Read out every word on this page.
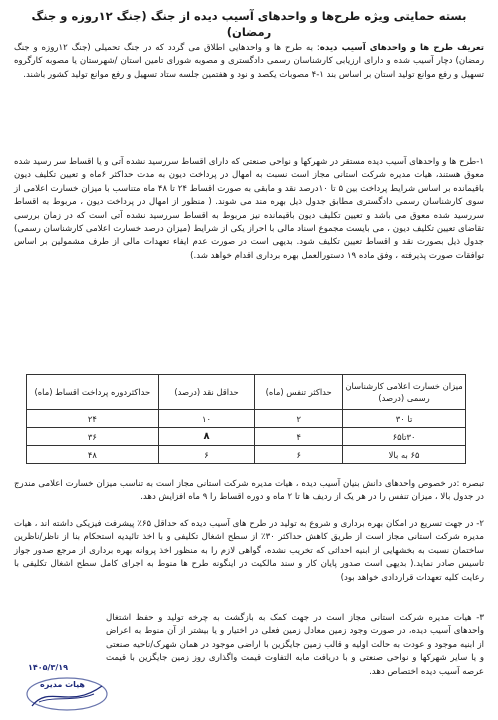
بسته حمایتی ویژه طرح‌ها و واحدهای آسیب دیده از جنگ (جنگ ۱۲روزه و جنگ رمضان)
تعریف طرح ها و واحدهای آسیب دیده: به طرح ها و واحدهایی اطلاق می گردد که در جنگ تحمیلی (جنگ ۱۲روزه و جنگ رمضان) دچار آسیب شده و دارای ارزیابی کارشناسان رسمی دادگستری و مصوبه شورای تامین استان /شهرستان یا مصوبه کارگروه تسهیل و رفع موانع تولید استان بر اساس بند ۱-۴ مصوبات یکصد و نود و هفتمین جلسه ستاد تسهیل و رفع موانع تولید کشور باشند.
۱-طرح ها و واحدهای آسیب دیده مستقر در شهرکها و نواحی صنعتی که دارای اقساط سررسید نشده آتی و یا اقساط سر رسید شده معوق هستند، هیات مدیره شرکت استانی مجاز است نسبت به امهال در پرداخت دیون به مدت حداکثر ۶ماه و تعیین تکلیف دیون باقیمانده بر اساس شرایط پرداخت بین ۵ تا ۱۰درصد نقد و مابقی به صورت اقساط ۲۴ تا ۴۸ ماه متناسب با میزان خسارت اعلامی از سوی کارشناسان رسمی دادگستری مطابق جدول ذیل بهره مند می شوند. ( منظور از امهال در پرداخت دیون ، مربوط به اقساط سررسید شده معوق می باشد و تعیین تکلیف دیون باقیمانده نیز مربوط به اقساط سررسید نشده آتی است که در زمان بررسی تقاضای تعیین تکلیف دیون ، می بایست مجموع اسناد مالی با احراز یکی از شرایط (میزان درصد خسارت اعلامی کارشناسان رسمی) جدول ذیل بصورت نقد و اقساط تعیین تکلیف شود. بدیهی است در صورت عدم ایفاء تعهدات مالی از طرف مشمولین بر اساس توافقات صورت پذیرفته ، وفق ماده ۱۹ دستورالعمل بهره برداری اقدام خواهد شد.)
میزان خسارت اعلامی کارشناسان رسمی (درصد)	حداکثر تنفس (ماه)	حداقل نقد (درصد)	حداکثردوره پرداخت اقساط (ماه)
تا ۳۰	۲	۱۰	۲۴
۳۰تا۶۵	۴	۸	۳۶
۶۵ به بالا	۶	۶	۴۸
تبصره :در خصوص واحدهای دانش بنیان آسیب دیده ، هیات مدیره شرکت استانی مجاز است به تناسب میزان خسارت اعلامی مندرج در جدول بالا ، میزان تنفس را در هر یک از ردیف ها تا ۲ ماه و دوره اقساط را ۹ ماه افزایش دهد.
۲- در جهت تسریع در امکان بهره برداری و شروع به تولید در طرح های آسیب دیده که حداقل ۶۵٪ پیشرفت فیزیکی داشته اند ، هیات مدیره شرکت استانی مجاز است از طریق کاهش حداکثر ۳۰٪ از سطح اشغال تکلیفی و با اخذ تائیدیه استحکام بنا از ناظر/ناظرین ساختمان نسبت به بخشهایی از ابنیه احداثی که تخریب نشده، گواهی لازم را به منظور اخذ پروانه بهره برداری از مرجع صدور جواز تاسیس صادر نماید.( بدیهی است صدور پایان کار و سند مالکیت در اینگونه طرح ها منوط به اجرای کامل سطح اشغال تکلیفی با رعایت کلیه تعهدات قراردادی خواهد بود)
۳- هیات مدیره شرکت استانی مجاز است در جهت کمک به بازگشت به چرخه تولید و حفظ اشتغال واحدهای آسیب دیده، در صورت وجود زمین معادل زمین فعلی در اختیار و یا بیشتر از آن منوط به اعراض از ابنیه موجود و عودت به حالت اولیه و قالب زمین جایگزین با اراضی موجود در همان شهرک/ناحیه صنعتی و یا سایر شهرکها و نواحی صنعتی و با دریافت مابه التفاوت قیمت واگذاری روز زمین جایگزین با قیمت عرصه آسیب دیده اختصاص دهد.
۱۴۰۵/۳/۱۹
هیات مدیره
